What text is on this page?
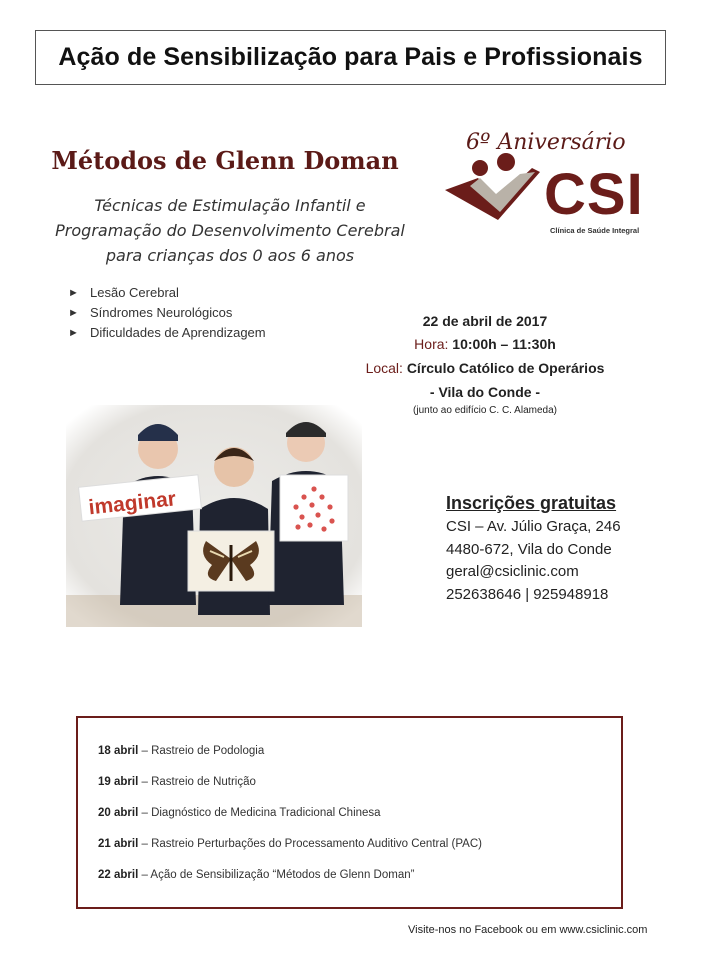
Ação de Sensibilização para Pais e Profissionais
Métodos de Glenn Doman
Técnicas de Estimulação Infantil e
Programação do Desenvolvimento Cerebral
para crianças dos 0 aos 6 anos
► Lesão Cerebral
► Síndromes Neurológicos
► Dificuldades de Aprendizagem
6º Aniversário
CSI
Clínica de Saúde Integral
22 de abril de 2017
Hora: 10:00h – 11:30h
Local: Círculo Católico de Operários
- Vila do Conde -
(junto ao edifício C. C. Alameda)
imaginar	Inscrições gratuitas
CSI – Av. Júlio Graça, 246
4480-672, Vila do Conde
geral@csiclinic.com
252638646 | 925948918
18 abril – Rastreio de Podologia
19 abril – Rastreio de Nutrição
20 abril – Diagnóstico de Medicina Tradicional Chinesa
21 abril – Rastreio Perturbações do Processamento Auditivo Central (PAC)
22 abril – Ação de Sensibilização “Métodos de Glenn Doman”
Visite-nos no Facebook ou em www.csiclinic.com
